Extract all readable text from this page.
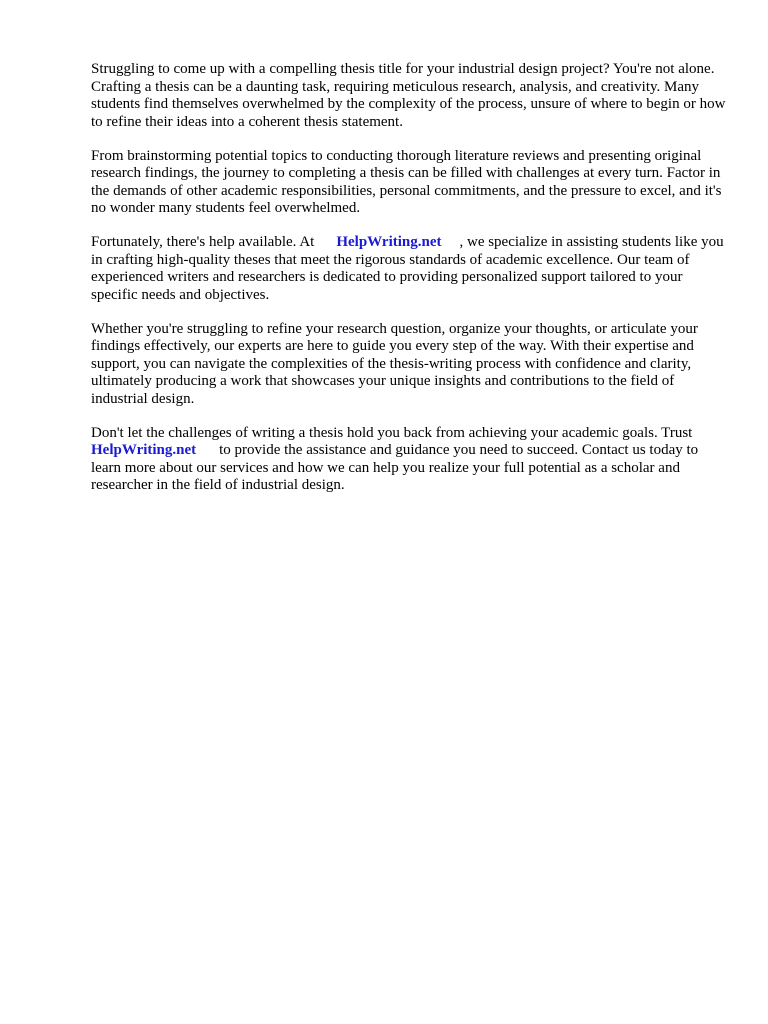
Struggling to come up with a compelling thesis title for your industrial design project? You're not alone. Crafting a thesis can be a daunting task, requiring meticulous research, analysis, and creativity. Many students find themselves overwhelmed by the complexity of the process, unsure of where to begin or how to refine their ideas into a coherent thesis statement.

From brainstorming potential topics to conducting thorough literature reviews and presenting original research findings, the journey to completing a thesis can be filled with challenges at every turn. Factor in the demands of other academic responsibilities, personal commitments, and the pressure to excel, and it's no wonder many students feel overwhelmed.

Fortunately, there's help available. At HelpWriting.net , we specialize in assisting students like you in crafting high-quality theses that meet the rigorous standards of academic excellence. Our team of experienced writers and researchers is dedicated to providing personalized support tailored to your specific needs and objectives.

Whether you're struggling to refine your research question, organize your thoughts, or articulate your findings effectively, our experts are here to guide you every step of the way. With their expertise and support, you can navigate the complexities of the thesis-writing process with confidence and clarity, ultimately producing a work that showcases your unique insights and contributions to the field of industrial design.

Don't let the challenges of writing a thesis hold you back from achieving your academic goals. Trust HelpWriting.net to provide the assistance and guidance you need to succeed. Contact us today to learn more about our services and how we can help you realize your full potential as a scholar and researcher in the field of industrial design.
